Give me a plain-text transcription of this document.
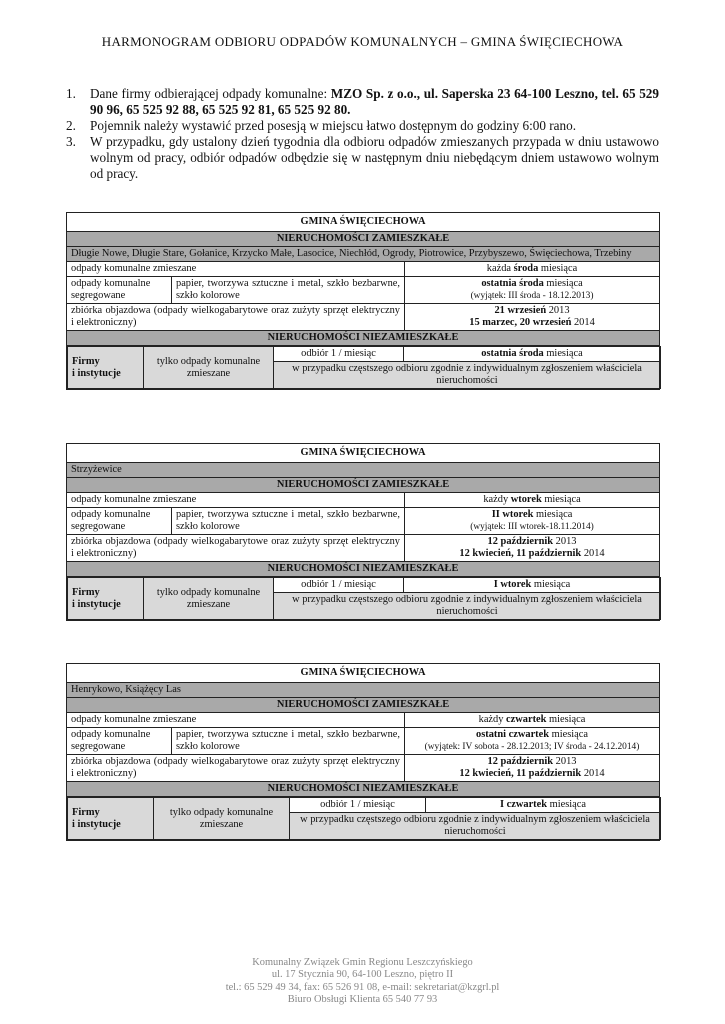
HARMONOGRAM ODBIORU ODPADÓW KOMUNALNYCH – GMINA ŚWIĘCIECHOWA
1. Dane firmy odbierającej odpady komunalne: MZO Sp. z o.o., ul. Saperska 23 64-100 Leszno, tel. 65 529 90 96, 65 525 92 88, 65 525 92 81, 65 525 92 80.
2. Pojemnik należy wystawić przed posesją w miejscu łatwo dostępnym do godziny 6:00 rano.
3. W przypadku, gdy ustalony dzień tygodnia dla odbioru odpadów zmieszanych przypada w dniu ustawowo wolnym od pracy, odbiór odpadów odbędzie się w następnym dniu niebędącym dniem ustawowo wolnym od pracy.
GMINA ŚWIĘCIECHOWA
NIERUCHOMOŚCI ZAMIESZKAŁE
Długie Nowe, Długie Stare, Gołanice, Krzycko Małe, Lasocice, Niechłód, Ogrody, Piotrowice, Przybyszewo, Święciechowa, Trzebiny
odpady komunalne zmieszane	każda środa miesiąca
odpady komunalne segregowane	papier, tworzywa sztuczne i metal, szkło bezbarwne, szkło kolorowe	ostatnia środa miesiąca
(wyjątek: III środa - 18.12.2013)
zbiórka objazdowa (odpady wielkogabarytowe oraz zużyty sprzęt elektryczny i elektroniczny)	21 wrzesień 2013
15 marzec, 20 wrzesień 2014
NIERUCHOMOŚCI NIEZAMIESZKAŁE

Firmy
i instytucje	tylko odpady komunalne zmieszane	odbiór 1 / miesiąc	ostatnia środa miesiąca
w przypadku częstszego odbioru zgodnie z indywidualnym zgłoszeniem właściciela nieruchomości
GMINA ŚWIĘCIECHOWA
Strzyżewice
NIERUCHOMOŚCI ZAMIESZKAŁE
odpady komunalne zmieszane	każdy wtorek miesiąca
odpady komunalne segregowane	papier, tworzywa sztuczne i metal, szkło bezbarwne, szkło kolorowe	II wtorek miesiąca
(wyjątek: III wtorek-18.11.2014)
zbiórka objazdowa (odpady wielkogabarytowe oraz zużyty sprzęt elektryczny i elektroniczny)	12 październik 2013
12 kwiecień, 11 październik 2014
NIERUCHOMOŚCI NIEZAMIESZKAŁE

Firmy
i instytucje	tylko odpady komunalne zmieszane	odbiór 1 / miesiąc	I wtorek miesiąca
w przypadku częstszego odbioru zgodnie z indywidualnym zgłoszeniem właściciela nieruchomości
GMINA ŚWIĘCIECHOWA
Henrykowo, Książęcy Las
NIERUCHOMOŚCI ZAMIESZKAŁE
odpady komunalne zmieszane	każdy czwartek miesiąca
odpady komunalne segregowane	papier, tworzywa sztuczne i metal, szkło bezbarwne, szkło kolorowe	ostatni czwartek miesiąca
(wyjątek: IV sobota - 28.12.2013; IV środa - 24.12.2014)
zbiórka objazdowa (odpady wielkogabarytowe oraz zużyty sprzęt elektryczny i elektroniczny)	12 październik 2013
12 kwiecień, 11 październik 2014
NIERUCHOMOŚCI NIEZAMIESZKAŁE

Firmy
i instytucje	tylko odpady komunalne zmieszane	odbiór 1 / miesiąc	I czwartek miesiąca
w przypadku częstszego odbioru zgodnie z indywidualnym zgłoszeniem właściciela nieruchomości
Komunalny Związek Gmin Regionu Leszczyńskiego
ul. 17 Stycznia 90, 64-100 Leszno, piętro II
tel.: 65 529 49 34, fax: 65 526 91 08, e-mail: sekretariat@kzgrl.pl
Biuro Obsługi Klienta 65 540 77 93
